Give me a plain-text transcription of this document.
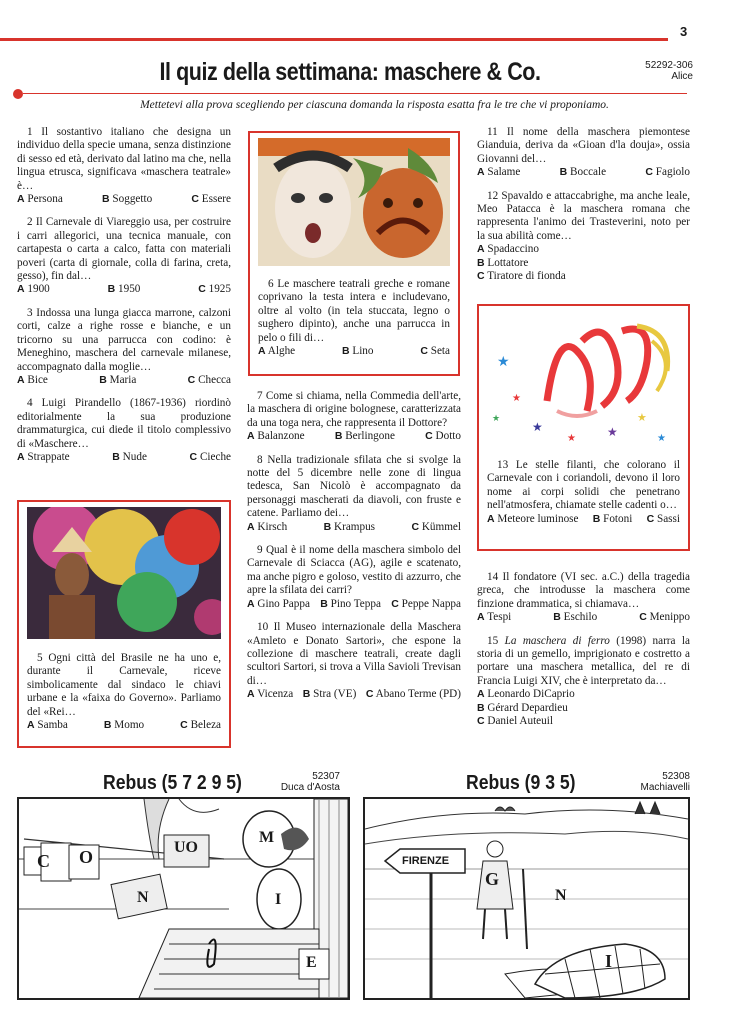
3
Il quiz della settimana: maschere & Co.	52292-306
Alice
Mettetevi alla prova scegliendo per ciascuna domanda la risposta esatta fra le tre che vi proponiamo.
1 Il sostantivo italiano che designa un individuo della specie umana, senza distinzione di sesso ed età, derivato dal latino ma che, nella lingua etrusca, significava «maschera teatrale» è…
A Persona	B Soggetto	C Essere
2 Il Carnevale di Viareggio usa, per costruire i carri allegorici, una tecnica manuale, con cartapesta o carta a calco, fatta con materiali poveri (carta di giornale, colla di farina, creta, gesso), fin dal…
A 1900	B 1950	C 1925
3 Indossa una lunga giacca marrone, calzoni corti, calze a righe rosse e bianche, e un tricorno su una parrucca con codino: è Meneghino, maschera del carnevale milanese, accompagnato dalla moglie…
A Bice	B Maria	C Checca
4 Luigi Pirandello (1867-1936) riordinò editorialmente la sua produzione drammaturgica, cui diede il titolo complessivo di «Maschere…
A Strappate	B Nude	C Cieche
5 Ogni città del Brasile ne ha uno e, durante il Carnevale, riceve simbolicamente dal sindaco le chiavi urbane e la «faixa do Governo». Parliamo del «Rei…
A Samba	B Momo	C Beleza
6 Le maschere teatrali greche e romane coprivano la testa intera e includevano, oltre al volto (in tela stuccata, legno o sughero dipinto), anche una parrucca in pelo o fili di…
A Alghe	B Lino	C Seta
7 Come si chiama, nella Commedia dell'arte, la maschera di origine bolognese, caratterizzata da una toga nera, che rappresenta il Dottore?
A Balanzone	B Berlingone	C Dotto
8 Nella tradizionale sfilata che si svolge la notte del 5 dicembre nelle zone di lingua tedesca, San Nicolò è accompagnato da personaggi mascherati da diavoli, con fruste e catene. Parliamo dei…
A Kirsch	B Krampus	C Kümmel
9 Qual è il nome della maschera simbolo del Carnevale di Sciacca (AG), agile e scatenato, ma anche pigro e goloso, vestito di azzurro, che apre la sfilata dei carri?
A Gino Pappa B Pino Teppa C Peppe Nappa
10 Il Museo internazionale della Maschera «Amleto e Donato Sartori», che espone la collezione di maschere teatrali, create dagli scultori Sartori, si trova a Villa Savioli Trevisan di…
A Vicenza B Stra (VE) C Abano Terme (PD)
11 Il nome della maschera piemontese Gianduia, deriva da «Gioan d'la douja», ossia Giovanni del…
A Salame	B Boccale	C Fagiolo
12 Spavaldo e attaccabrighe, ma anche leale, Meo Patacca è la maschera romana che rappresenta l'animo dei Trasteverini, noto per la sua abilità come…
A Spadaccino
B Lottatore
C Tiratore di fionda
★
★
★
★	★
★
★
★
13 Le stelle filanti, che colorano il Carnevale con i coriandoli, devono il loro nome ai corpi solidi che penetrano nell'atmosfera, chiamate stelle cadenti o…
A Meteore luminose B Fotoni C Sassi
14 Il fondatore (VI sec. a.C.) della tragedia greca, che introdusse la maschera come finzione drammatica, si chiamava…
A Tespi	B Eschilo	C Menippo
15 La maschera di ferro (1998) narra la storia di un gemello, imprigionato e costretto a portare una maschera metallica, del re di Francia Luigi XIV, che è interpretato da…
A Leonardo DiCaprio
B Gérard Depardieu
C Daniel Auteuil
Rebus (5 7 2 9 5)	52307
Duca d'Aosta
C O	UO
N
M
I
E
Rebus (9 3 5)	52308
Machiavelli
FIRENZE
G
N
I
